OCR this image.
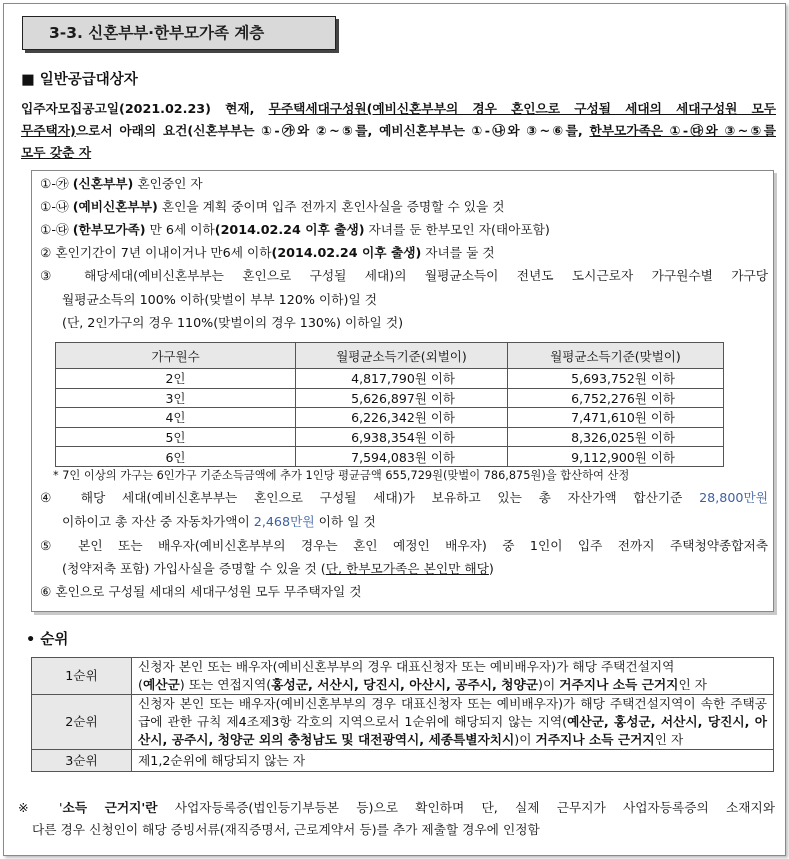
3-3. 신혼부부·한부모가족 계층
■ 일반공급대상자
입주자모집공고일(2021.02.23) 현재, 무주택세대구성원(예비신혼부부의 경우 혼인으로 구성될 세대의 세대구성원 모두
무주택자)으로서 아래의 요건(신혼부부는 ①-㉮와 ②~⑤를, 예비신혼부부는 ①-㉯와 ③~⑥를, 한부모가족은 ①-㉰와 ③~⑤를
모두 갖춘 자
①-㉮ (신혼부부) 혼인중인 자
①-㉯ (예비신혼부부) 혼인을 계획 중이며 입주 전까지 혼인사실을 증명할 수 있을 것
①-㉰ (한부모가족) 만 6세 이하(2014.02.24 이후 출생) 자녀를 둔 한부모인 자(태아포함)
② 혼인기간이 7년 이내이거나 만6세 이하(2014.02.24 이후 출생) 자녀를 둘 것
③ 해당세대(예비신혼부부는 혼인으로 구성될 세대)의 월평균소득이 전년도 도시근로자 가구원수별 가구당
월평균소득의 100% 이하(맞벌이 부부 120% 이하)일 것
(단, 2인가구의 경우 110%(맞벌이의 경우 130%) 이하일 것)
④ 해당 세대(예비신혼부부는 혼인으로 구성될 세대)가 보유하고 있는 총 자산가액 합산기준 28,800만원
이하이고 총 자산 중 자동차가액이 2,468만원 이하 일 것
⑤ 본인 또는 배우자(예비신혼부부의 경우는 혼인 예정인 배우자) 중 1인이 입주 전까지 주택청약종합저축
(청약저축 포함) 가입사실을 증명할 수 있을 것 (단, 한부모가족은 본인만 해당)
⑥ 혼인으로 구성될 세대의 세대구성원 모두 무주택자일 것
가구원수	월평균소득기준(외벌이)	월평균소득기준(맞벌이)
2인	4,817,790원 이하	5,693,752원 이하
3인	5,626,897원 이하	6,752,276원 이하
4인	6,226,342원 이하	7,471,610원 이하
5인	6,938,354원 이하	8,326,025원 이하
6인	7,594,083원 이하	9,112,900원 이하
* 7인 이상의 가구는 6인가구 기준소득금액에 추가 1인당 평균금액 655,729원(맞벌이 786,875원)을 합산하여 산정
• 순위
1순위	신청자 본인 또는 배우자(예비신혼부부의 경우 대표신청자 또는 예비배우자)가 해당 주택건설지역
(예산군) 또는 연접지역(홍성군, 서산시, 당진시, 아산시, 공주시, 청양군)이 거주지나 소득 근거지인 자
2순위	신청자 본인 또는 배우자(예비신혼부부의 경우 대표신청자 또는 예비배우자)가 해당 주택건설지역이 속한 주택공급에 관한 규칙 제4조제3항 각호의 지역으로서 1순위에 해당되지 않는 지역(예산군, 홍성군, 서산시, 당진시, 아산시, 공주시, 청양군 외의 충청남도 및 대전광역시, 세종특별자치시)이 거주지나 소득 근거지인 자
3순위	제1,2순위에 해당되지 않는 자
※ '소득 근거지'란 사업자등록증(법인등기부등본 등)으로 확인하며 단, 실제 근무지가 사업자등록증의 소재지와
다른 경우 신청인이 해당 증빙서류(재직증명서, 근로계약서 등)를 추가 제출할 경우에 인정함
